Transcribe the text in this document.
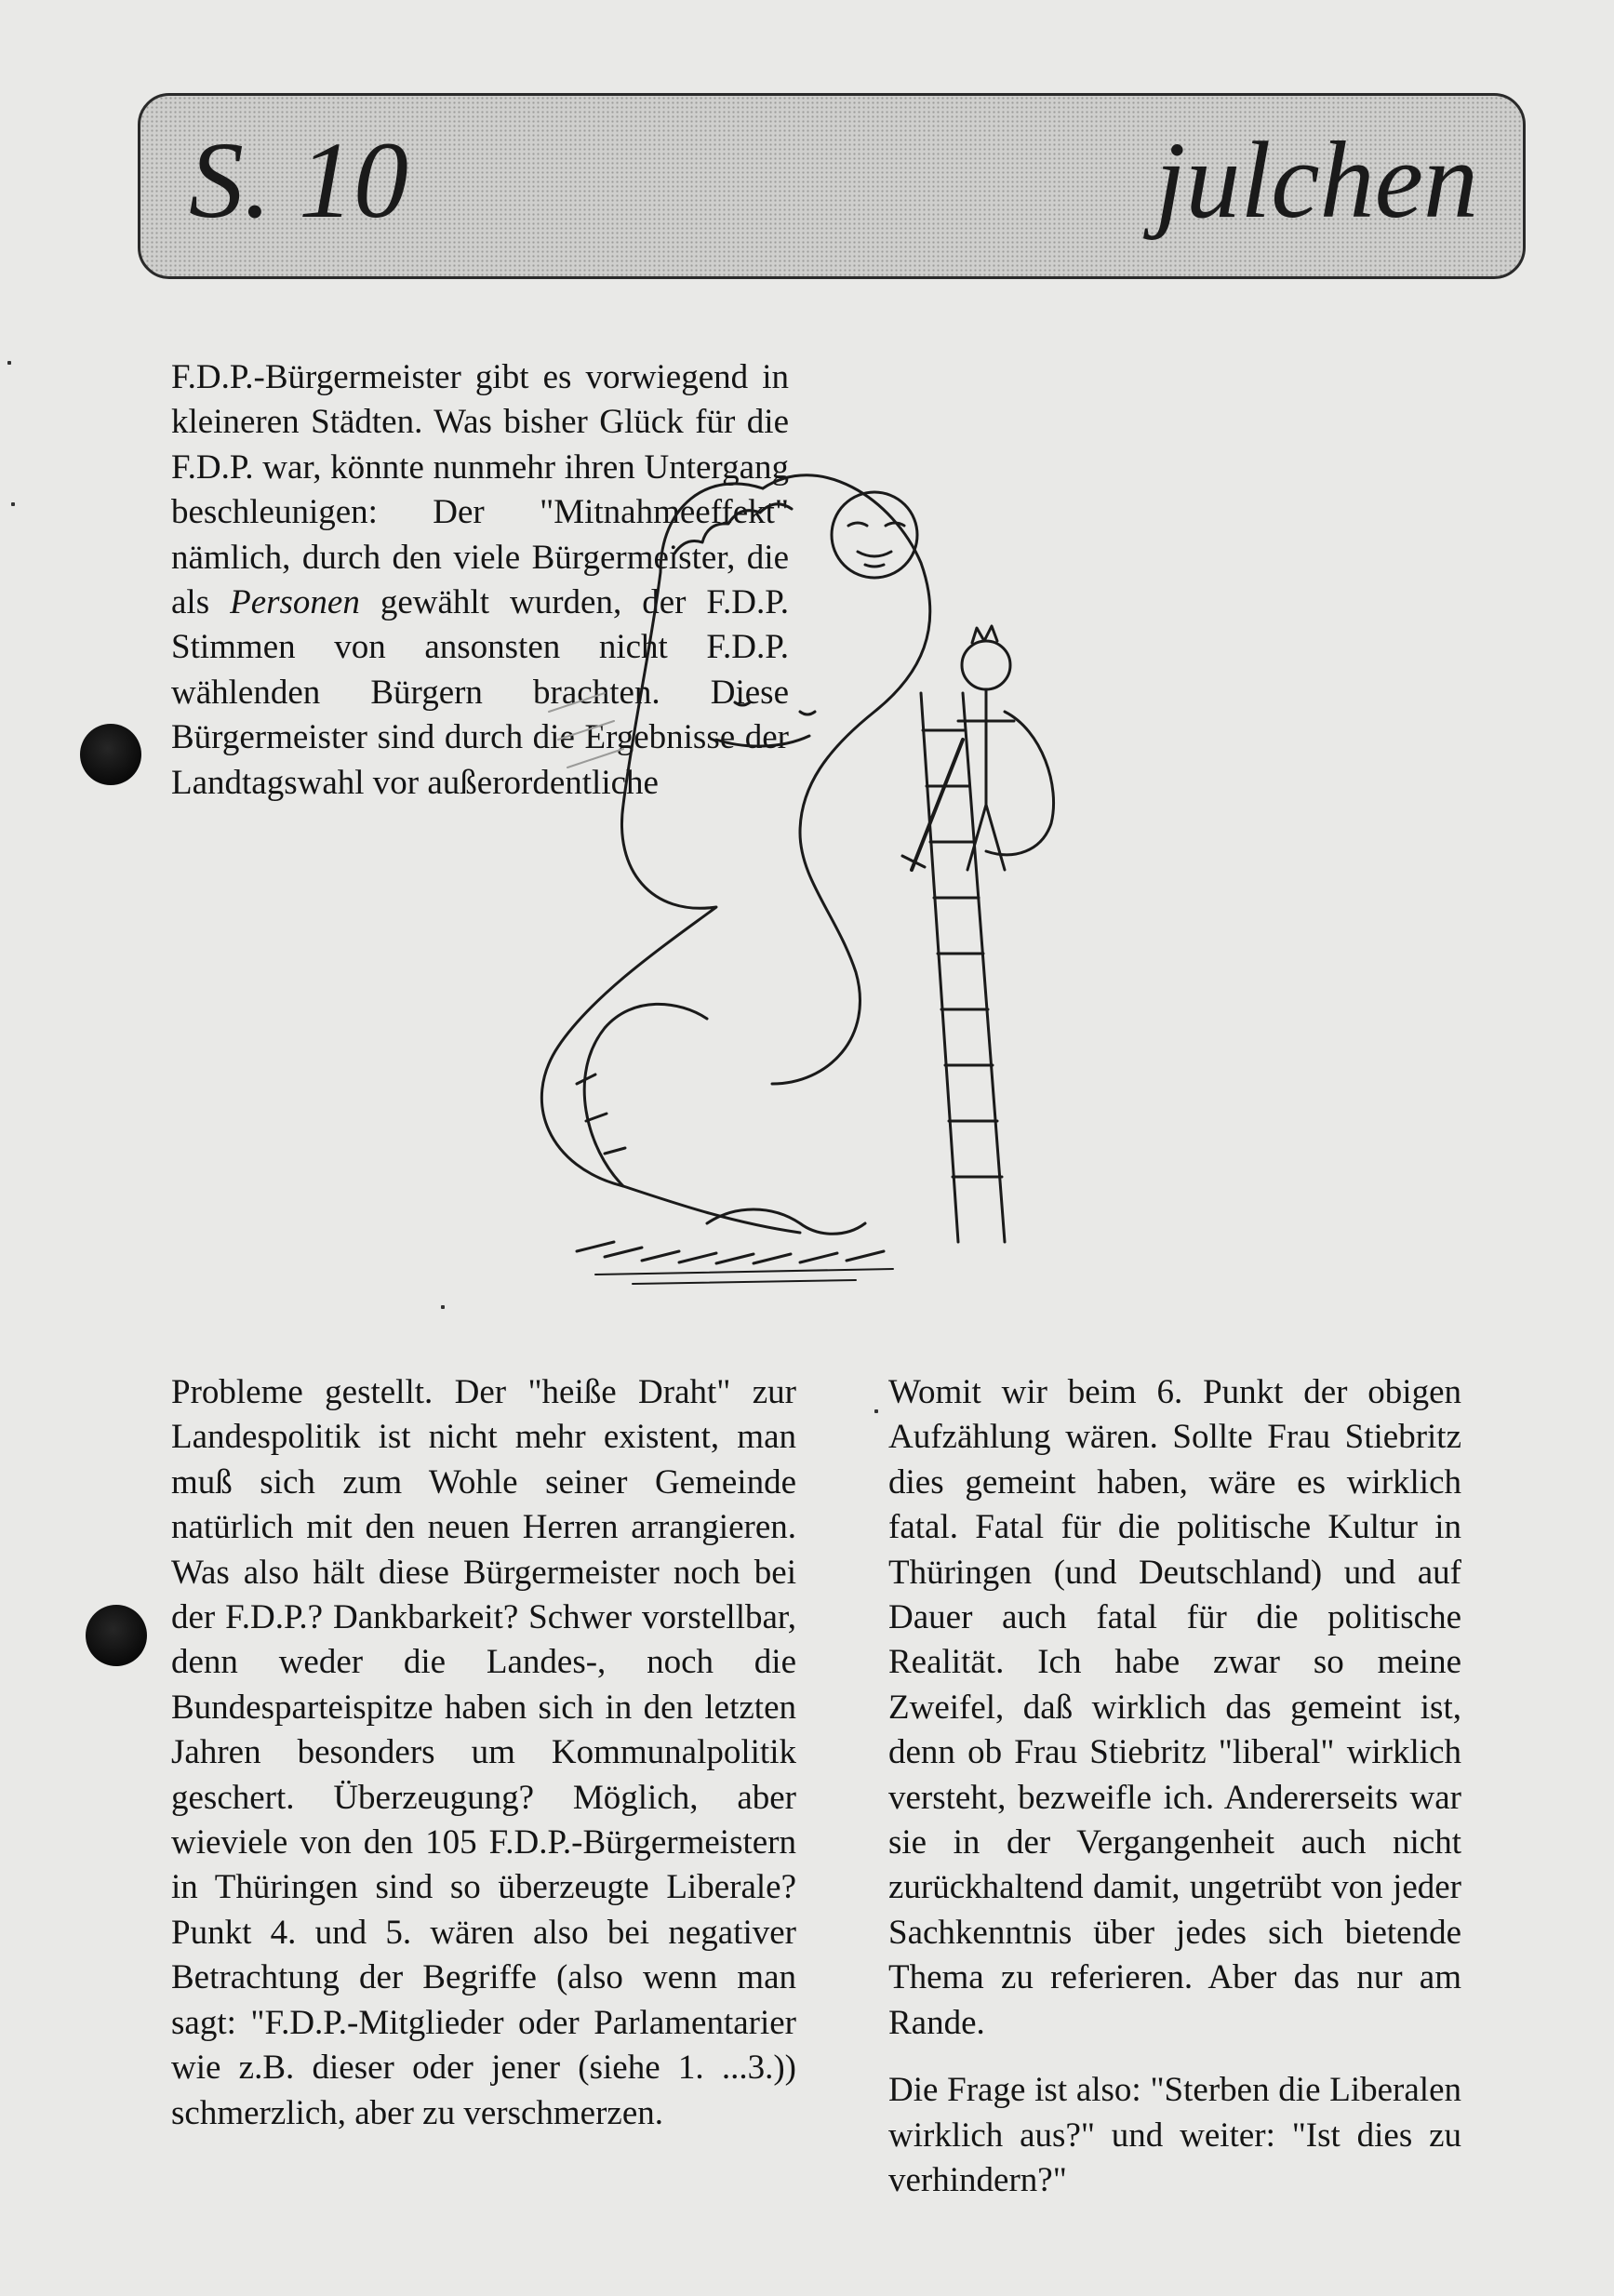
S. 10	julchen

F.D.P.-Bürgermeister gibt es vorwiegend in kleineren Städten. Was bisher Glück für die F.D.P. war, könnte nunmehr ihren Untergang beschleunigen: Der "Mitnahmeeffekt" nämlich, durch den viele Bürgermeister, die als Personen gewählt wurden, der F.D.P. Stimmen von ansonsten nicht F.D.P. wählenden Bürgern brachten. Diese Bürgermeister sind durch die Ergebnisse der Landtagswahl vor außerordentliche

Probleme gestellt. Der "heiße Draht" zur Landespolitik ist nicht mehr existent, man muß sich zum Wohle seiner Gemeinde natürlich mit den neuen Herren arrangieren. Was also hält diese Bürgermeister noch bei der F.D.P.? Dankbarkeit? Schwer vorstellbar, denn weder die Landes-, noch die Bundesparteispitze haben sich in den letzten Jahren besonders um Kommunalpolitik geschert. Überzeugung? Möglich, aber wieviele von den 105 F.D.P.-Bürgermeistern in Thüringen sind so überzeugte Liberale? Punkt 4. und 5. wären also bei negativer Betrachtung der Begriffe (also wenn man sagt: "F.D.P.-Mitglieder oder Parlamentarier wie z.B. dieser oder jener (siehe 1. ...3.)) schmerzlich, aber zu verschmerzen.

Womit wir beim 6. Punkt der obigen Aufzählung wären. Sollte Frau Stiebritz dies gemeint haben, wäre es wirklich fatal. Fatal für die politische Kultur in Thüringen (und Deutschland) und auf Dauer auch fatal für die politische Realität. Ich habe zwar so meine Zweifel, daß wirklich das gemeint ist, denn ob Frau Stiebritz "liberal" wirklich versteht, bezweifle ich. Andererseits war sie in der Vergangenheit auch nicht zurückhaltend damit, ungetrübt von jeder Sachkenntnis über jedes sich bietende Thema zu referieren. Aber das nur am Rande.

Die Frage ist also: "Sterben die Liberalen wirklich aus?" und weiter: "Ist dies zu verhindern?"
